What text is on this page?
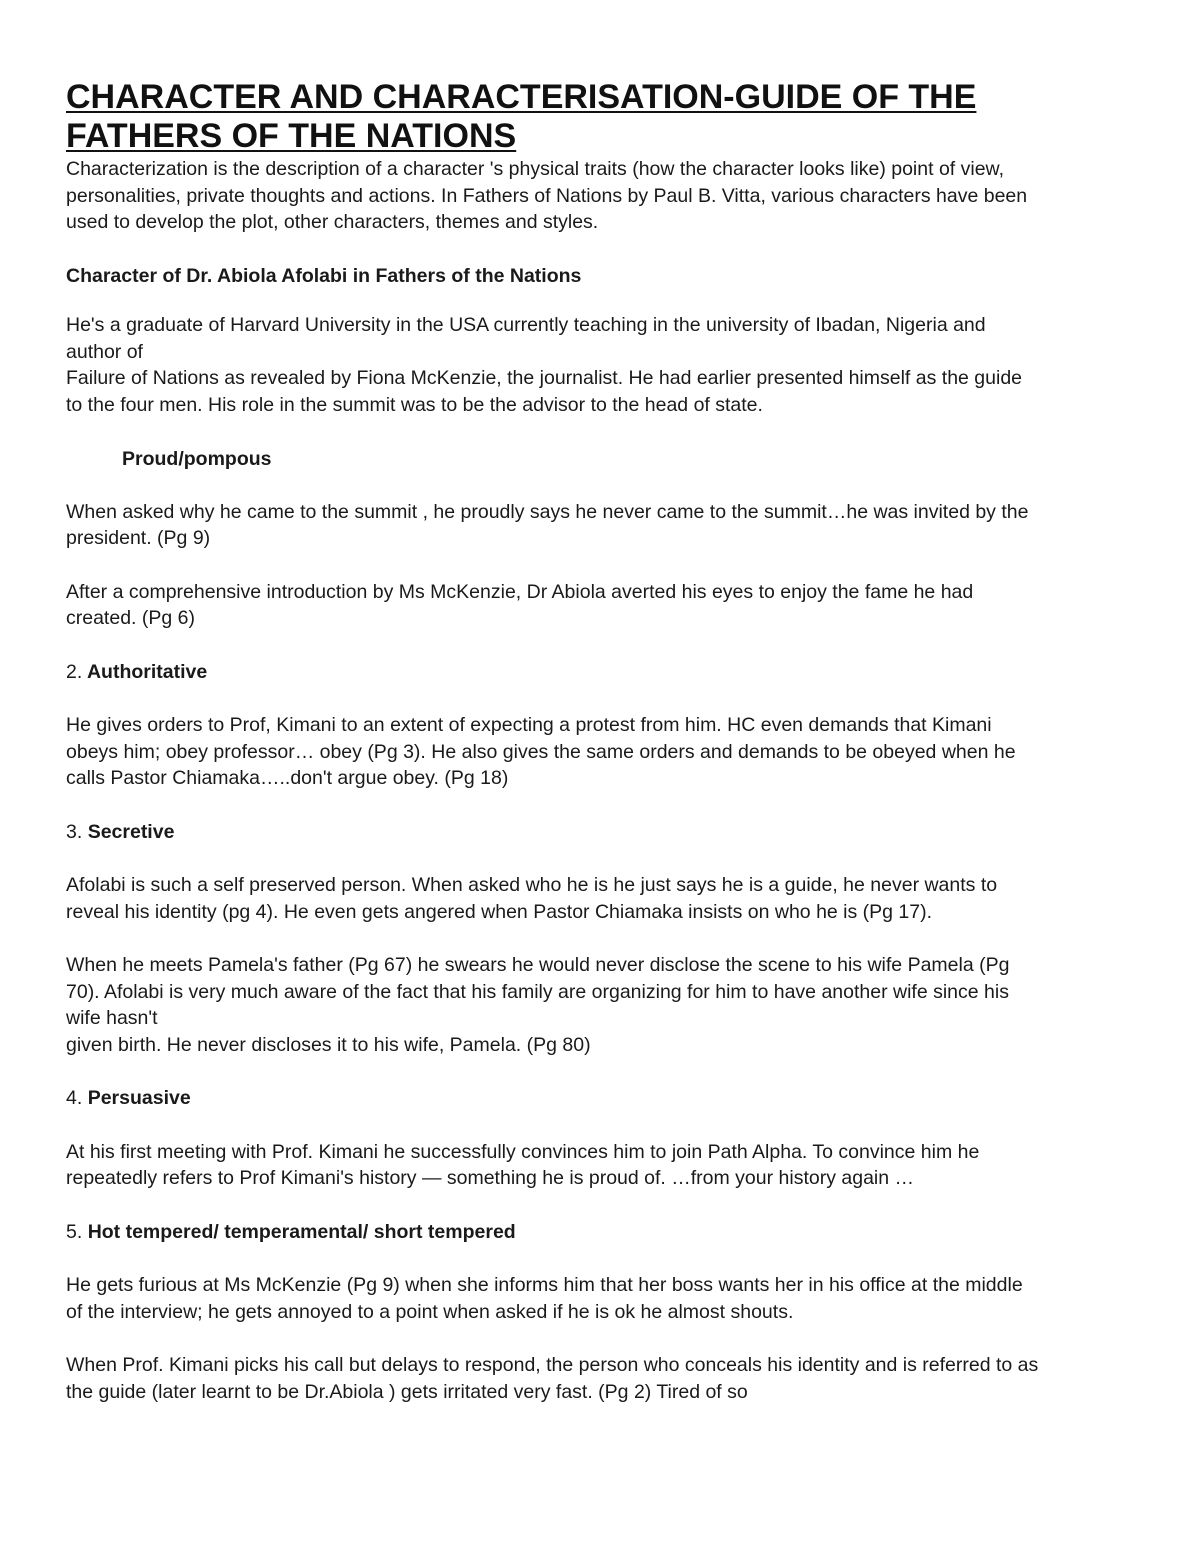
CHARACTER AND CHARACTERISATION-GUIDE OF THE FATHERS OF THE NATIONS

Characterization is the description of a character 's physical traits (how the character looks like) point of view, personalities, private thoughts and actions. In Fathers of Nations by Paul B. Vitta, various characters have been used to develop the plot, other characters, themes and styles.

Character of Dr. Abiola Afolabi in Fathers of the Nations

He's a graduate of Harvard University in the USA currently teaching in the university of Ibadan, Nigeria and author of

Failure of Nations as revealed by Fiona McKenzie, the journalist. He had earlier presented himself as the guide to the four men. His role in the summit was to be the advisor to the head of state.

Proud/pompous

When asked why he came to the summit , he proudly says he never came to the summit…he was invited by the president. (Pg 9)

After a comprehensive introduction by Ms McKenzie, Dr Abiola averted his eyes to enjoy the fame he had created. (Pg 6)

2. Authoritative

He gives orders to Prof, Kimani to an extent of expecting a protest from him. HC even demands that Kimani obeys him; obey professor… obey (Pg 3). He also gives the same orders and demands to be obeyed when he calls Pastor Chiamaka…..don't argue obey. (Pg 18)

3. Secretive

Afolabi is such a self preserved person. When asked who he is he just says he is a guide, he never wants to reveal his identity (pg 4). He even gets angered when Pastor Chiamaka insists on who he is (Pg 17).

When he meets Pamela's father (Pg 67) he swears he would never disclose the scene to his wife Pamela (Pg 70). Afolabi is very much aware of the fact that his family are organizing for him to have another wife since his wife hasn't

given birth. He never discloses it to his wife, Pamela. (Pg 80)

4. Persuasive

At his first meeting with Prof. Kimani he successfully convinces him to join Path Alpha. To convince him he repeatedly refers to Prof Kimani's history — something he is proud of. …from your history again …

5. Hot tempered/ temperamental/ short tempered

He gets furious at Ms McKenzie (Pg 9) when she informs him that her boss wants her in his office at the middle of the interview; he gets annoyed to a point when asked if he is ok he almost shouts.

When Prof. Kimani picks his call but delays to respond, the person who conceals his identity and is referred to as the guide (later learnt to be Dr.Abiola ) gets irritated very fast. (Pg 2) Tired of so
